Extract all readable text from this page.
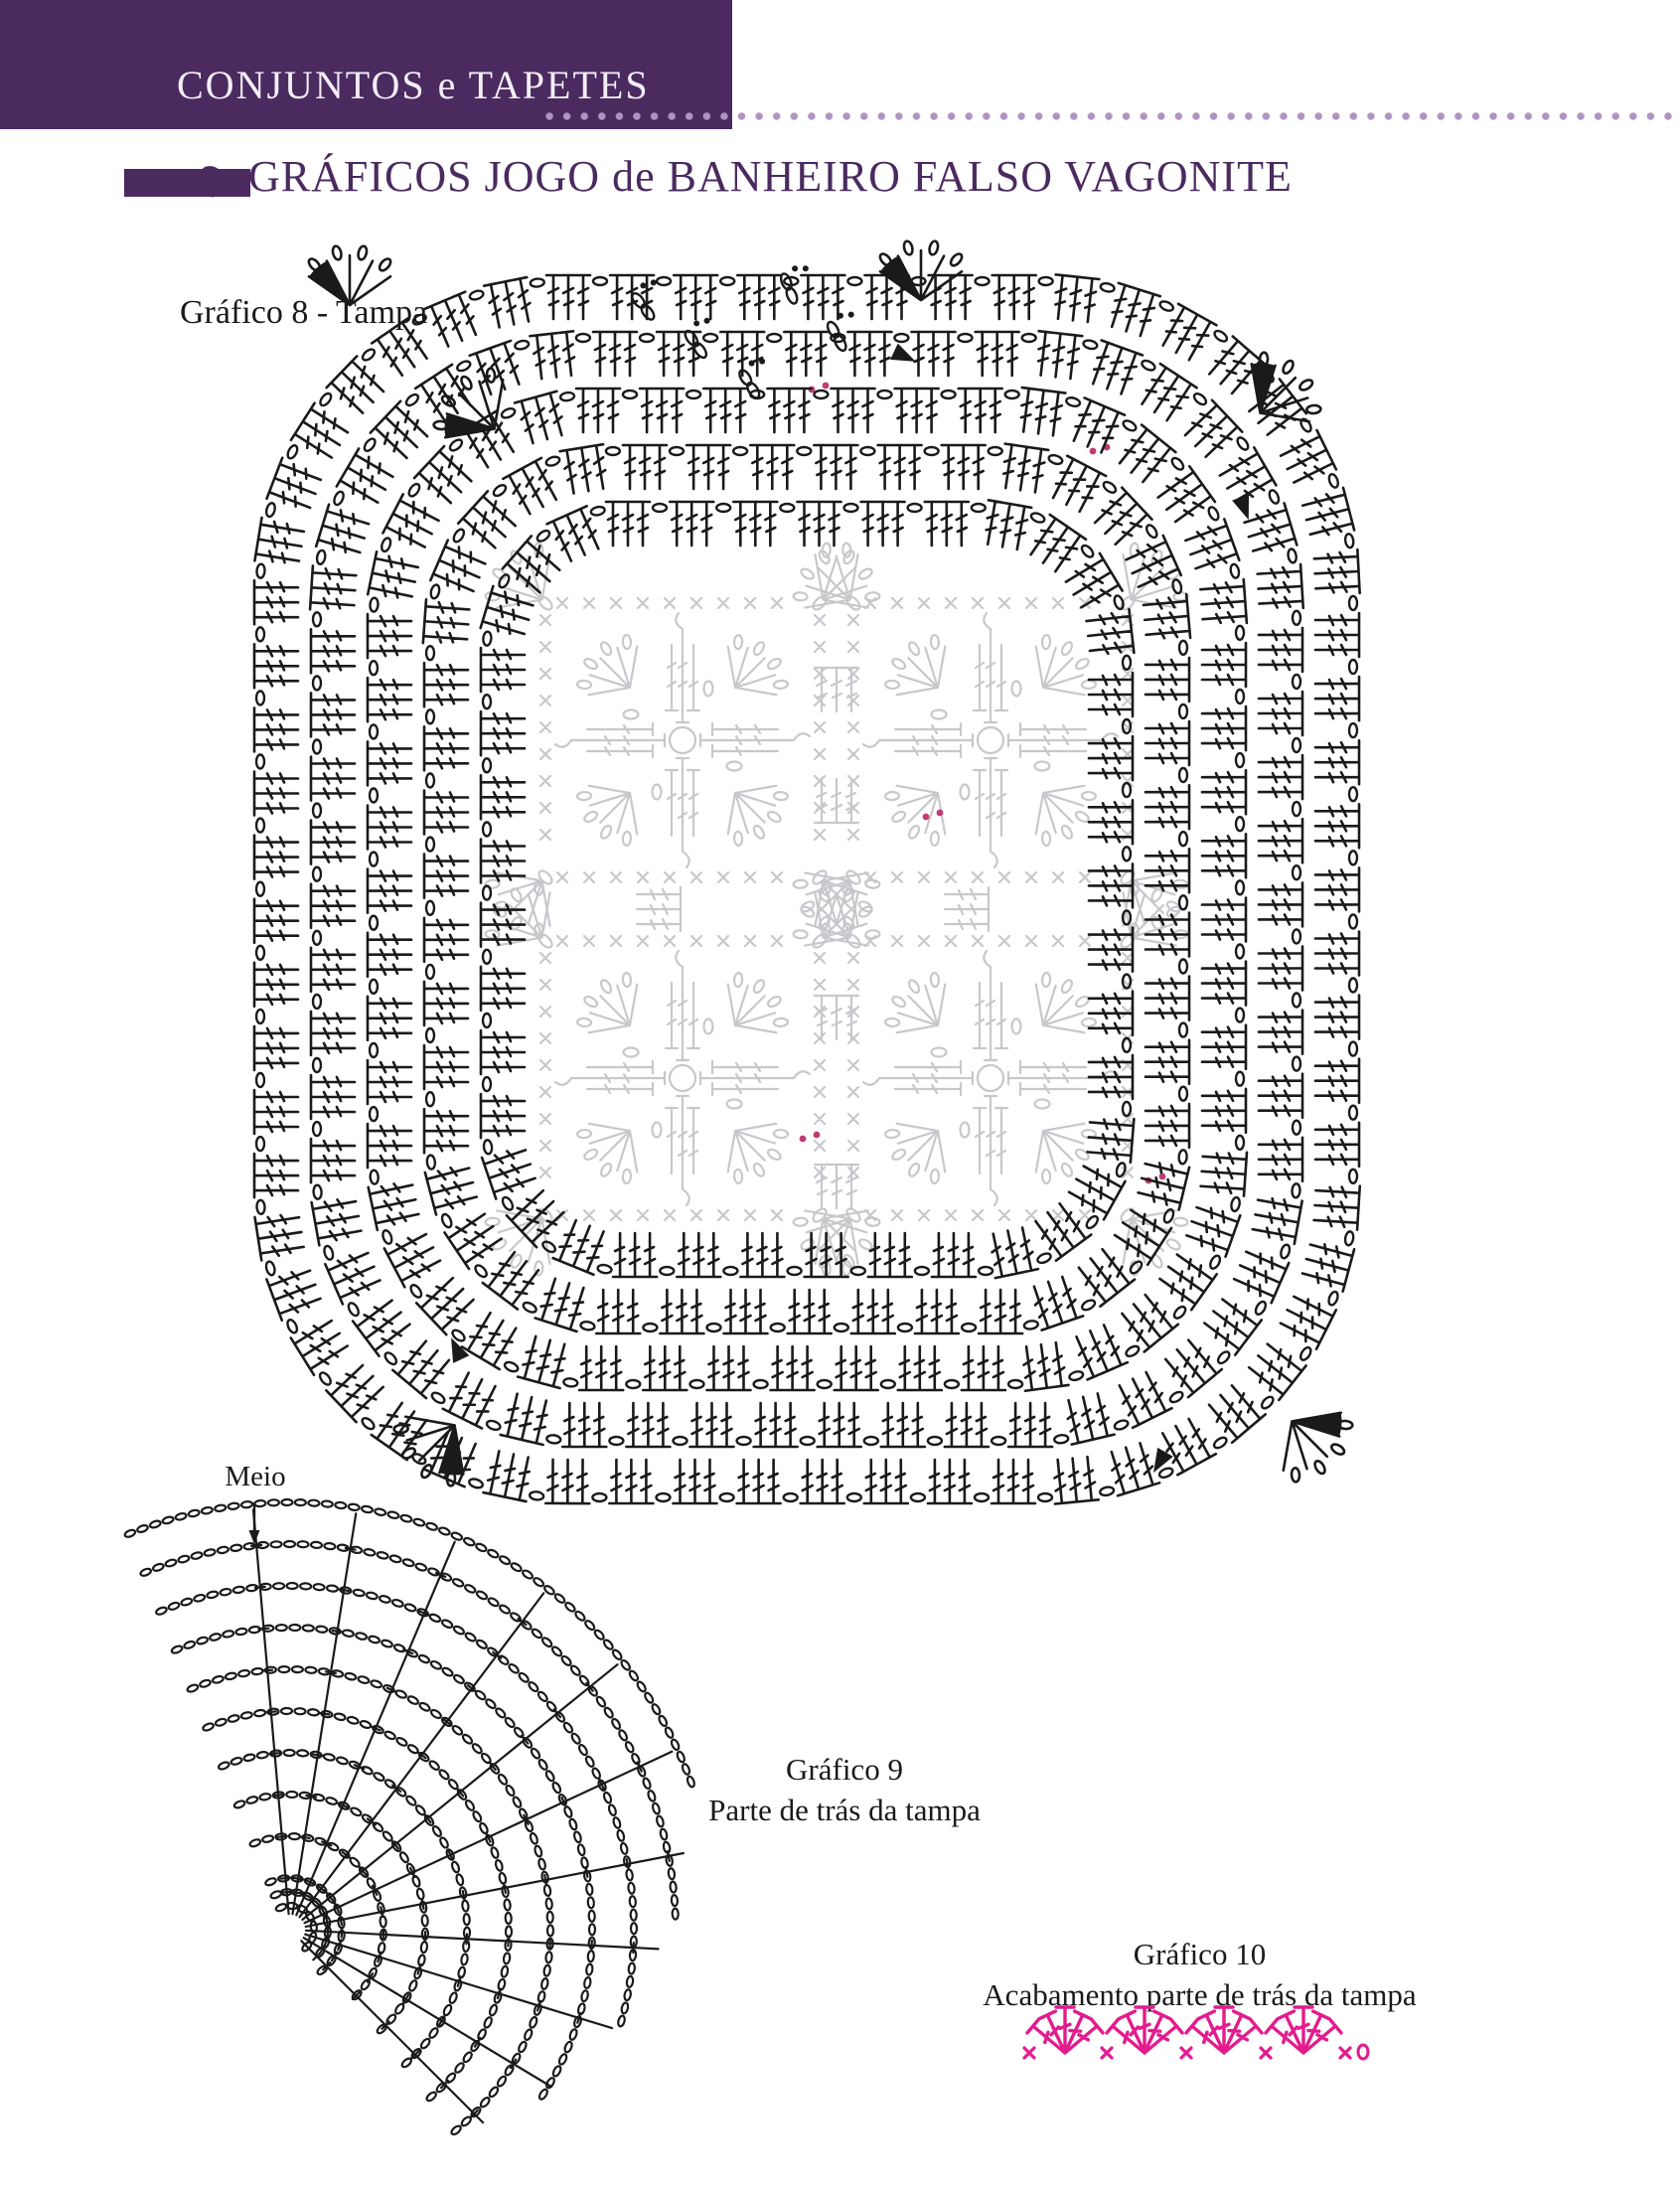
CONJUNTOS e TAPETES
GRÁFICOS JOGO de BANHEIRO FALSO VAGONITE
Gráfico 8 - Tampa
Meio
Gráfico 9
Parte de trás da tampa
Gráfico 10
Acabamento parte de trás da tampa
